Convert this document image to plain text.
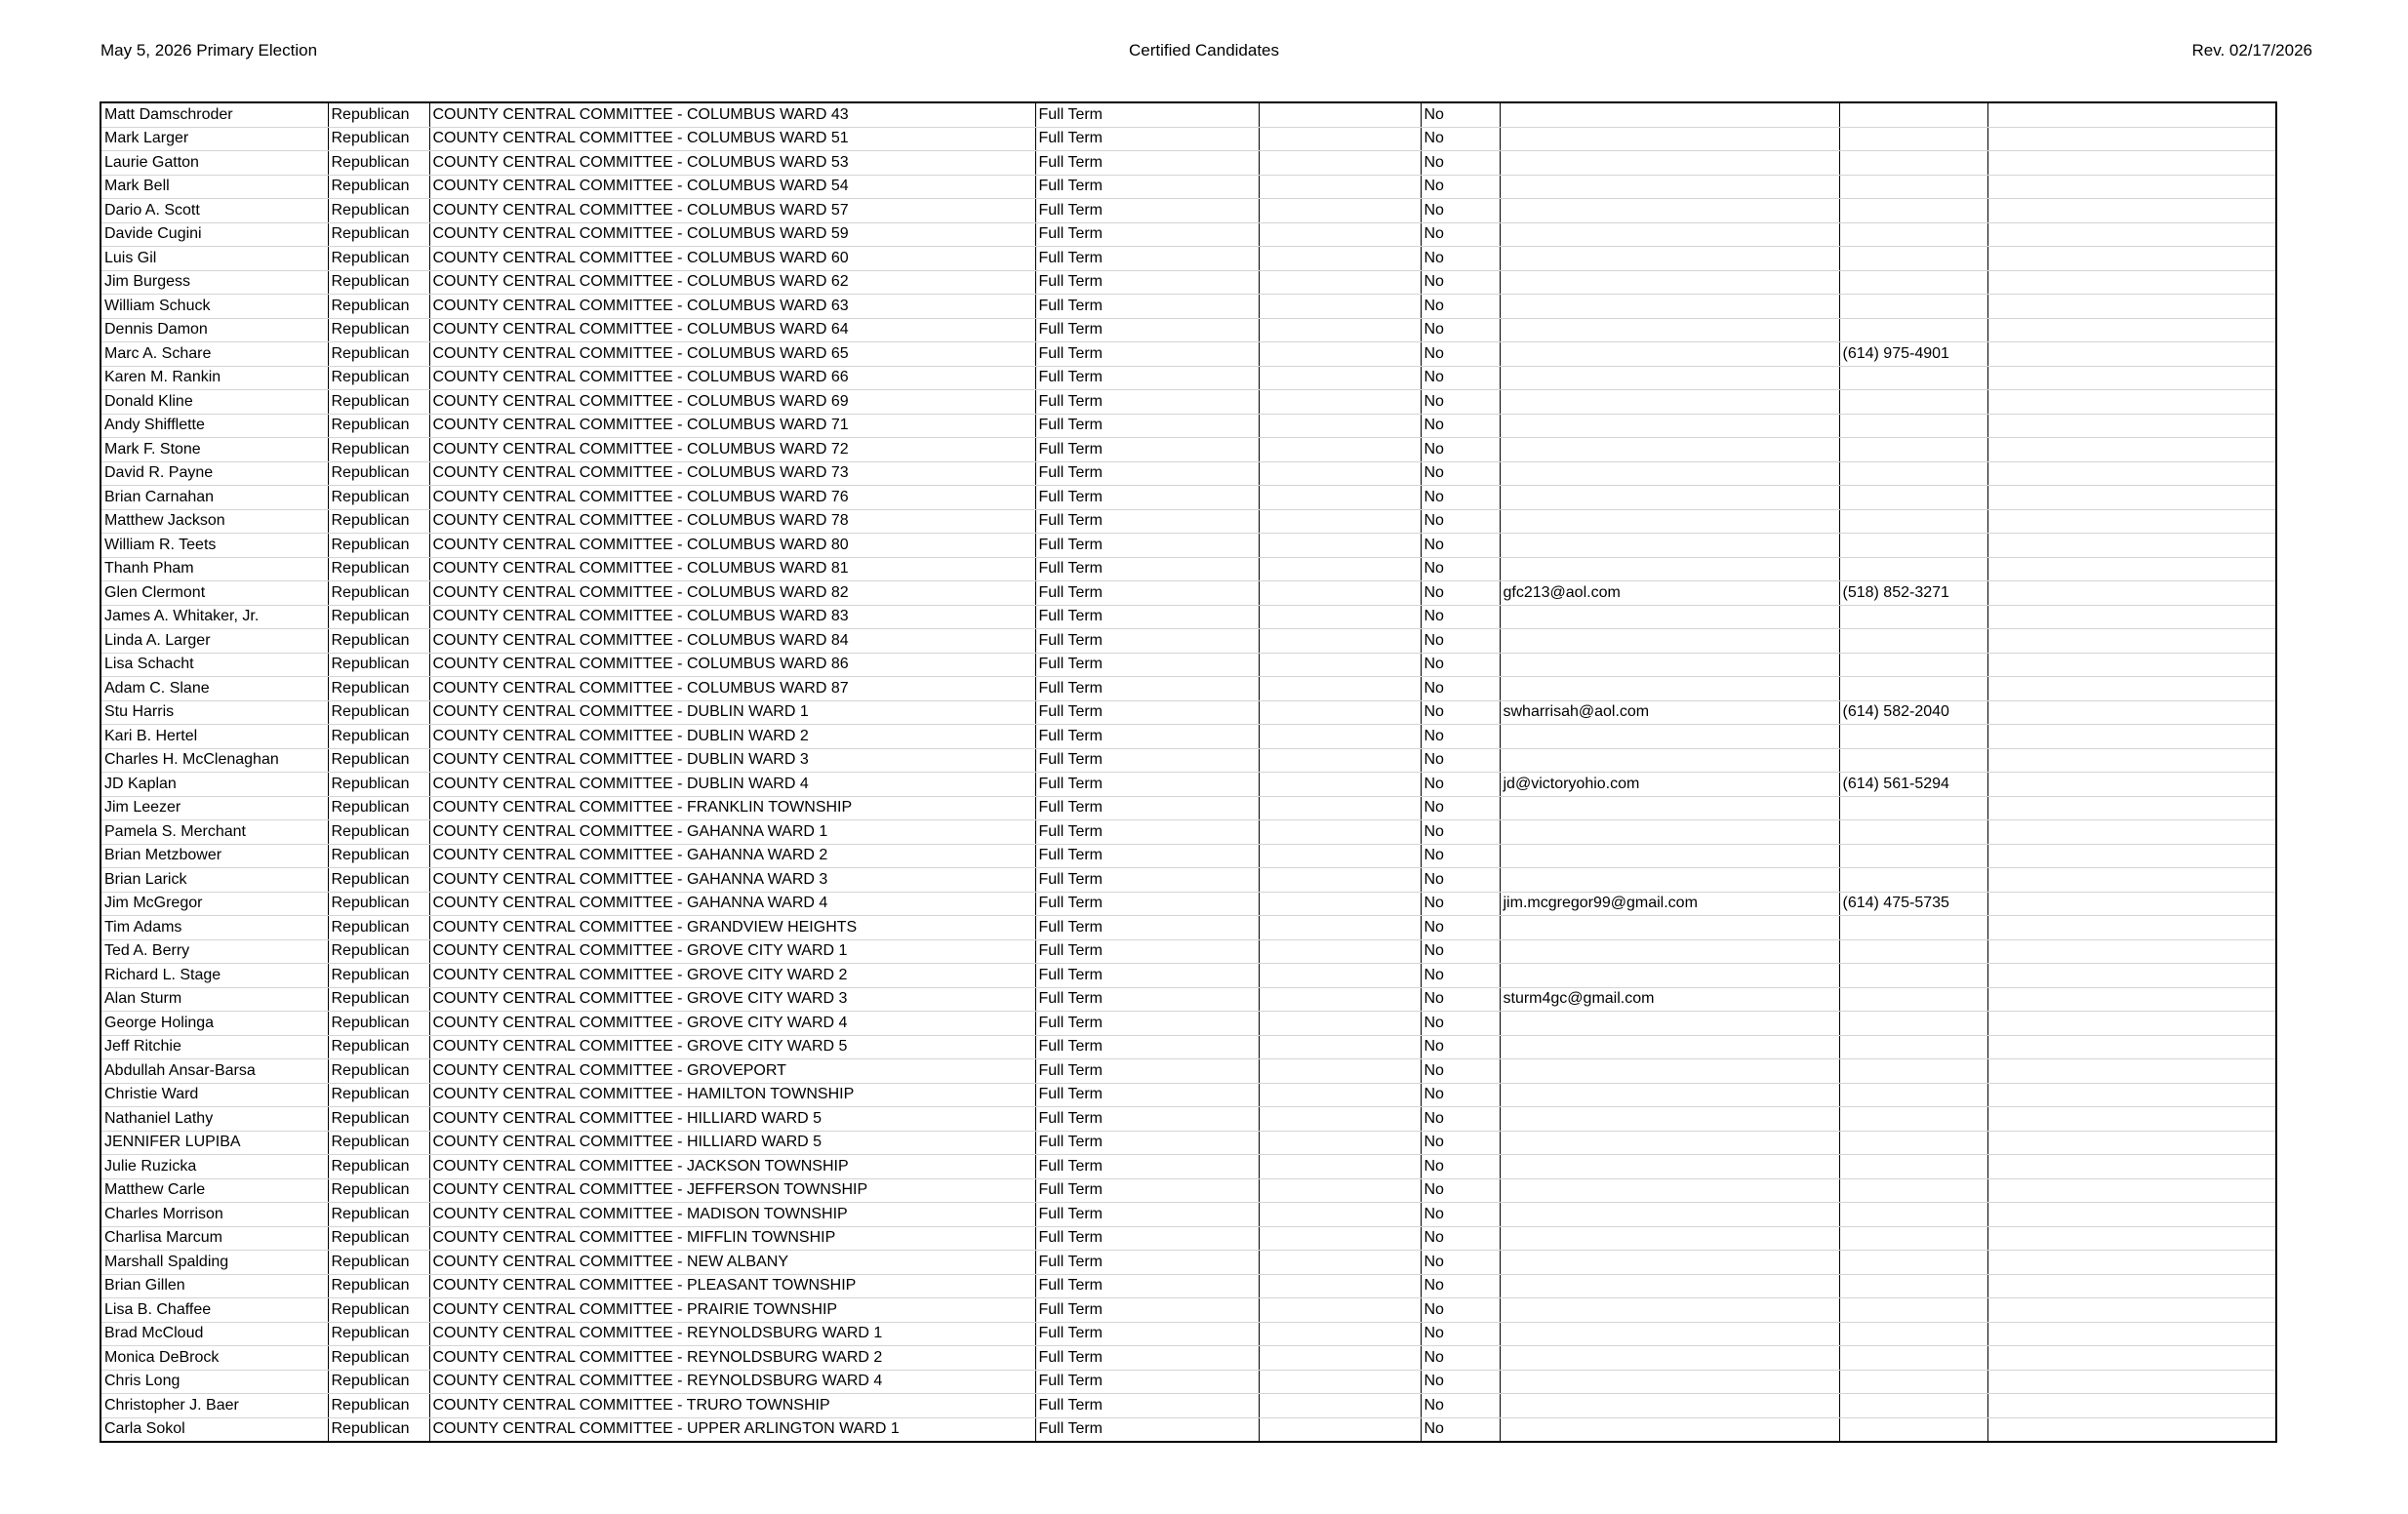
May 5, 2026 Primary Election	Certified Candidates	Rev. 02/17/2026
Matt Damschroder	Republican	COUNTY CENTRAL COMMITTEE - COLUMBUS WARD 43	Full Term		No			
Mark Larger	Republican	COUNTY CENTRAL COMMITTEE - COLUMBUS WARD 51	Full Term		No			
Laurie Gatton	Republican	COUNTY CENTRAL COMMITTEE - COLUMBUS WARD 53	Full Term		No			
Mark Bell	Republican	COUNTY CENTRAL COMMITTEE - COLUMBUS WARD 54	Full Term		No			
Dario A. Scott	Republican	COUNTY CENTRAL COMMITTEE - COLUMBUS WARD 57	Full Term		No			
Davide Cugini	Republican	COUNTY CENTRAL COMMITTEE - COLUMBUS WARD 59	Full Term		No			
Luis Gil	Republican	COUNTY CENTRAL COMMITTEE - COLUMBUS WARD 60	Full Term		No			
Jim Burgess	Republican	COUNTY CENTRAL COMMITTEE - COLUMBUS WARD 62	Full Term		No			
William Schuck	Republican	COUNTY CENTRAL COMMITTEE - COLUMBUS WARD 63	Full Term		No			
Dennis Damon	Republican	COUNTY CENTRAL COMMITTEE - COLUMBUS WARD 64	Full Term		No			
Marc A. Schare	Republican	COUNTY CENTRAL COMMITTEE - COLUMBUS WARD 65	Full Term		No		(614) 975-4901	
Karen M. Rankin	Republican	COUNTY CENTRAL COMMITTEE - COLUMBUS WARD 66	Full Term		No			
Donald Kline	Republican	COUNTY CENTRAL COMMITTEE - COLUMBUS WARD 69	Full Term		No			
Andy Shifflette	Republican	COUNTY CENTRAL COMMITTEE - COLUMBUS WARD 71	Full Term		No			
Mark F. Stone	Republican	COUNTY CENTRAL COMMITTEE - COLUMBUS WARD 72	Full Term		No			
David R. Payne	Republican	COUNTY CENTRAL COMMITTEE - COLUMBUS WARD 73	Full Term		No			
Brian Carnahan	Republican	COUNTY CENTRAL COMMITTEE - COLUMBUS WARD 76	Full Term		No			
Matthew Jackson	Republican	COUNTY CENTRAL COMMITTEE - COLUMBUS WARD 78	Full Term		No			
William R. Teets	Republican	COUNTY CENTRAL COMMITTEE - COLUMBUS WARD 80	Full Term		No			
Thanh Pham	Republican	COUNTY CENTRAL COMMITTEE - COLUMBUS WARD 81	Full Term		No			
Glen Clermont	Republican	COUNTY CENTRAL COMMITTEE - COLUMBUS WARD 82	Full Term		No	gfc213@aol.com	(518) 852-3271	
James A. Whitaker, Jr.	Republican	COUNTY CENTRAL COMMITTEE - COLUMBUS WARD 83	Full Term		No			
Linda A. Larger	Republican	COUNTY CENTRAL COMMITTEE - COLUMBUS WARD 84	Full Term		No			
Lisa Schacht	Republican	COUNTY CENTRAL COMMITTEE - COLUMBUS WARD 86	Full Term		No			
Adam C. Slane	Republican	COUNTY CENTRAL COMMITTEE - COLUMBUS WARD 87	Full Term		No			
Stu Harris	Republican	COUNTY CENTRAL COMMITTEE - DUBLIN WARD 1	Full Term		No	swharrisah@aol.com	(614) 582-2040	
Kari B. Hertel	Republican	COUNTY CENTRAL COMMITTEE - DUBLIN WARD 2	Full Term		No			
Charles H. McClenaghan	Republican	COUNTY CENTRAL COMMITTEE - DUBLIN WARD 3	Full Term		No			
JD Kaplan	Republican	COUNTY CENTRAL COMMITTEE - DUBLIN WARD 4	Full Term		No	jd@victoryohio.com	(614) 561-5294	
Jim Leezer	Republican	COUNTY CENTRAL COMMITTEE - FRANKLIN TOWNSHIP	Full Term		No			
Pamela S. Merchant	Republican	COUNTY CENTRAL COMMITTEE - GAHANNA WARD 1	Full Term		No			
Brian Metzbower	Republican	COUNTY CENTRAL COMMITTEE - GAHANNA WARD 2	Full Term		No			
Brian Larick	Republican	COUNTY CENTRAL COMMITTEE - GAHANNA WARD 3	Full Term		No			
Jim McGregor	Republican	COUNTY CENTRAL COMMITTEE - GAHANNA WARD 4	Full Term		No	jim.mcgregor99@gmail.com	(614) 475-5735	
Tim Adams	Republican	COUNTY CENTRAL COMMITTEE - GRANDVIEW HEIGHTS	Full Term		No			
Ted A. Berry	Republican	COUNTY CENTRAL COMMITTEE - GROVE CITY WARD 1	Full Term		No			
Richard L. Stage	Republican	COUNTY CENTRAL COMMITTEE - GROVE CITY WARD 2	Full Term		No			
Alan Sturm	Republican	COUNTY CENTRAL COMMITTEE - GROVE CITY WARD 3	Full Term		No	sturm4gc@gmail.com		
George Holinga	Republican	COUNTY CENTRAL COMMITTEE - GROVE CITY WARD 4	Full Term		No			
Jeff Ritchie	Republican	COUNTY CENTRAL COMMITTEE - GROVE CITY WARD 5	Full Term		No			
Abdullah Ansar-Barsa	Republican	COUNTY CENTRAL COMMITTEE - GROVEPORT	Full Term		No			
Christie Ward	Republican	COUNTY CENTRAL COMMITTEE - HAMILTON TOWNSHIP	Full Term		No			
Nathaniel Lathy	Republican	COUNTY CENTRAL COMMITTEE - HILLIARD WARD 5	Full Term		No			
JENNIFER LUPIBA	Republican	COUNTY CENTRAL COMMITTEE - HILLIARD WARD 5	Full Term		No			
Julie Ruzicka	Republican	COUNTY CENTRAL COMMITTEE - JACKSON TOWNSHIP	Full Term		No			
Matthew Carle	Republican	COUNTY CENTRAL COMMITTEE - JEFFERSON TOWNSHIP	Full Term		No			
Charles Morrison	Republican	COUNTY CENTRAL COMMITTEE - MADISON TOWNSHIP	Full Term		No			
Charlisa Marcum	Republican	COUNTY CENTRAL COMMITTEE - MIFFLIN TOWNSHIP	Full Term		No			
Marshall Spalding	Republican	COUNTY CENTRAL COMMITTEE - NEW ALBANY	Full Term		No			
Brian Gillen	Republican	COUNTY CENTRAL COMMITTEE - PLEASANT TOWNSHIP	Full Term		No			
Lisa B. Chaffee	Republican	COUNTY CENTRAL COMMITTEE - PRAIRIE TOWNSHIP	Full Term		No			
Brad McCloud	Republican	COUNTY CENTRAL COMMITTEE - REYNOLDSBURG WARD 1	Full Term		No			
Monica DeBrock	Republican	COUNTY CENTRAL COMMITTEE - REYNOLDSBURG WARD 2	Full Term		No			
Chris Long	Republican	COUNTY CENTRAL COMMITTEE - REYNOLDSBURG WARD 4	Full Term		No			
Christopher J. Baer	Republican	COUNTY CENTRAL COMMITTEE - TRURO TOWNSHIP	Full Term		No			
Carla Sokol	Republican	COUNTY CENTRAL COMMITTEE - UPPER ARLINGTON WARD 1	Full Term		No			
